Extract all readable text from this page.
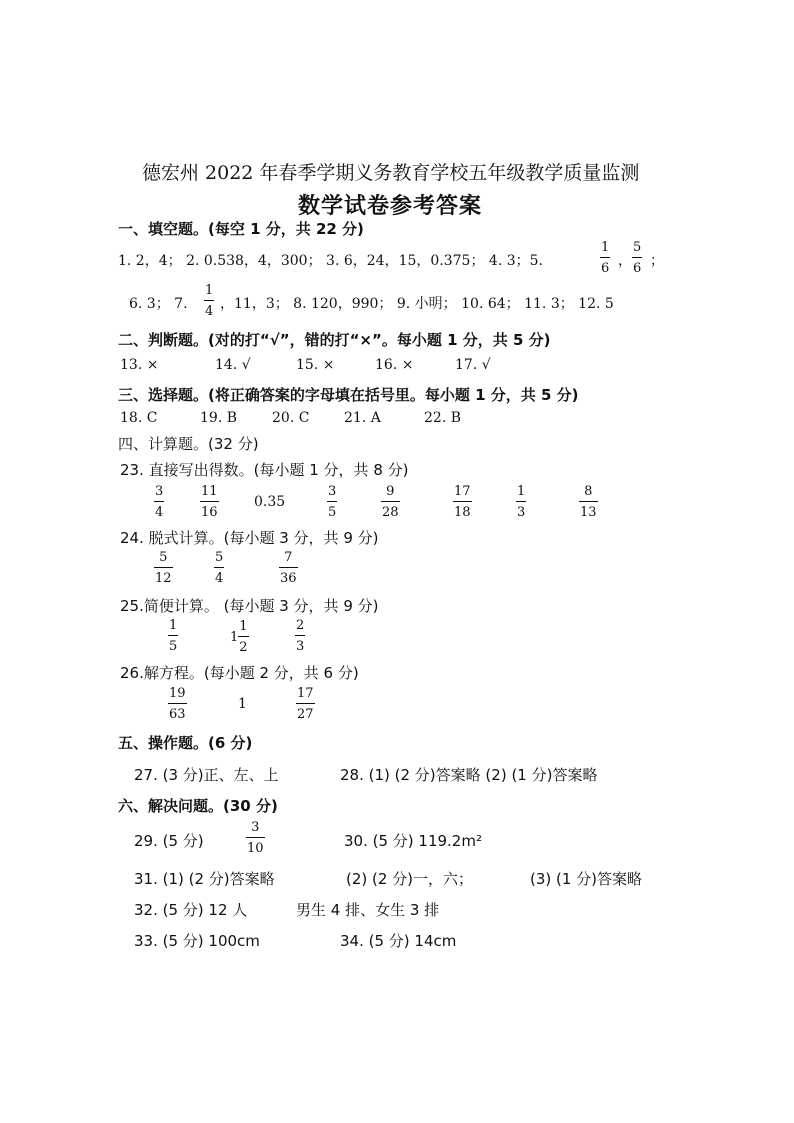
德宏州 2022 年春季学期义务教育学校五年级教学质量监测
数学试卷参考答案
一、填空题。(每空 1 分，共 22 分)
1. 2，4； 2. 0.538，4，300； 3. 6，24，15，0.375； 4. 3；5.
1
6 ，
5
6 ；
6. 3； 7.
1
4 ，11，3； 8. 120，990； 9. 小明； 10. 64； 11. 3； 12. 5
二、判断题。(对的打“√”，错的打“×”。每小题 1 分，共 5 分)
13. ×	14. √	15. ×	16. ×	17. √
三、选择题。(将正确答案的字母填在括号里。每小题 1 分，共 5 分)
18. C	19. B 20. C 21. A	22. B
四、计算题。(32 分)
23. 直接写出得数。(每小题 1 分，共 8 分)
3
4
11
16
0.35
3
5
9
28
17
18
1
3
8
13
24. 脱式计算。(每小题 3 分，共 9 分)
5
12
5
4
7
36
25.简便计算。 (每小题 3 分，共 9 分)
1
5
$1 \frac{1}{2}$	2
3
26.解方程。(每小题 2 分，共 6 分)
19
63
1
17
27
五、操作题。(6 分)
27. (3 分)正、左、上	28. (1) (2 分)答案略 (2) (1 分)答案略
六、解决问题。(30 分)
29. (5 分)
3
10	30. (5 分) 119.2m²
31. (1) (2 分)答案略	(2) (2 分)一，六；	(3) (1 分)答案略
32. (5 分) 12 人	男生 4 排、女生 3 排
33. (5 分) 100cm	34. (5 分) 14cm
